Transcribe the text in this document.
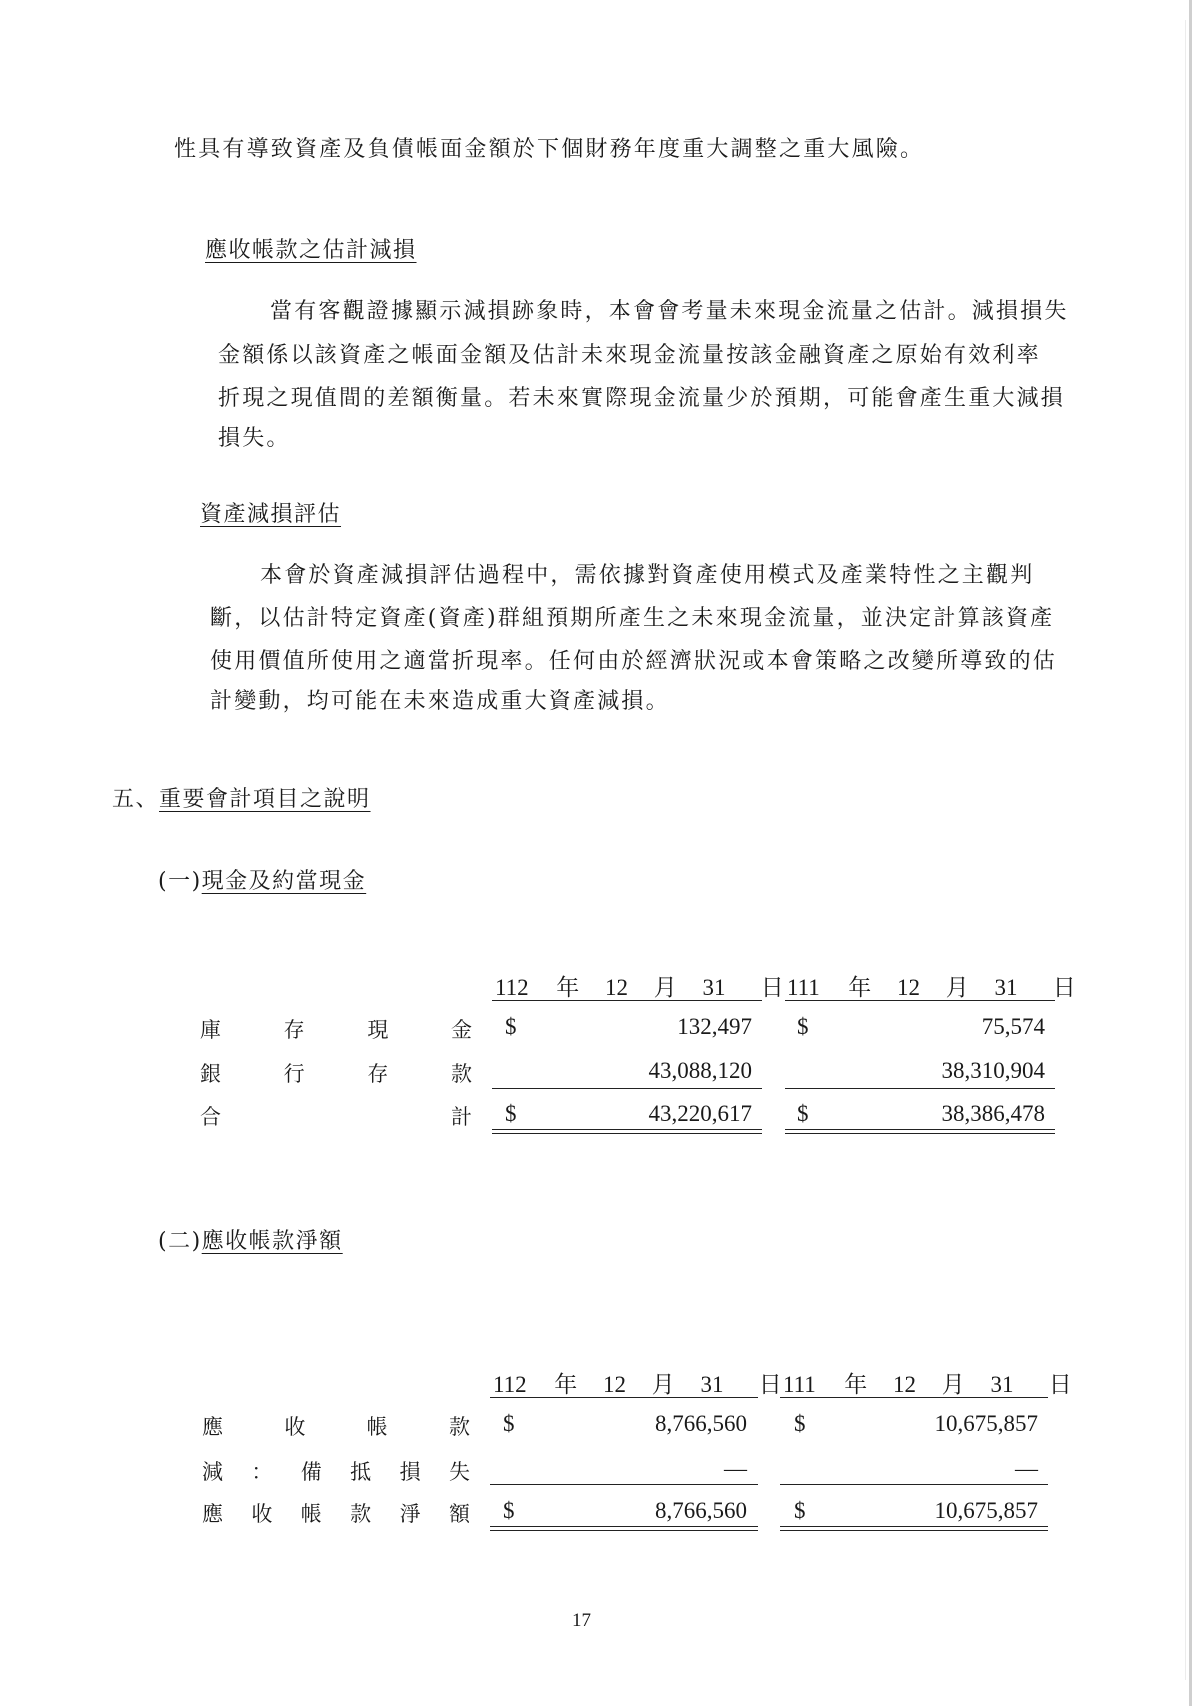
性具有導致資產及負債帳面金額於下個財務年度重大調整之重大風險。
應收帳款之估計減損
當有客觀證據顯示減損跡象時，本會會考量未來現金流量之估計。減損損失
金額係以該資產之帳面金額及估計未來現金流量按該金融資產之原始有效利率
折現之現值間的差額衡量。若未來實際現金流量少於預期，可能會產生重大減損
損失。
資產減損評估
本會於資產減損評估過程中，需依據對資產使用模式及產業特性之主觀判
斷，以估計特定資產(資產)群組預期所產生之未來現金流量，並決定計算該資產
使用價值所使用之適當折現率。任何由於經濟狀況或本會策略之改變所導致的估
計變動，均可能在未來造成重大資產減損。
五、重要會計項目之說明
(一)現金及約當現金
112 年 12 月 31 日 111 年 12 月 31 日
庫	存	現	金 $	132,497 $	75,574
銀	行	存	款	43,088,120	38,310,904
合	計 $	43,220,617 $	38,386,478
(二)應收帳款淨額
112 年 12 月 31 日 111 年 12 月 31 日
應	收	帳	款 $	8,766,560 $	10,675,857
減 ： 備 抵 損 失	—	—
應 收 帳 款 淨 額 $	8,766,560 $	10,675,857
17
